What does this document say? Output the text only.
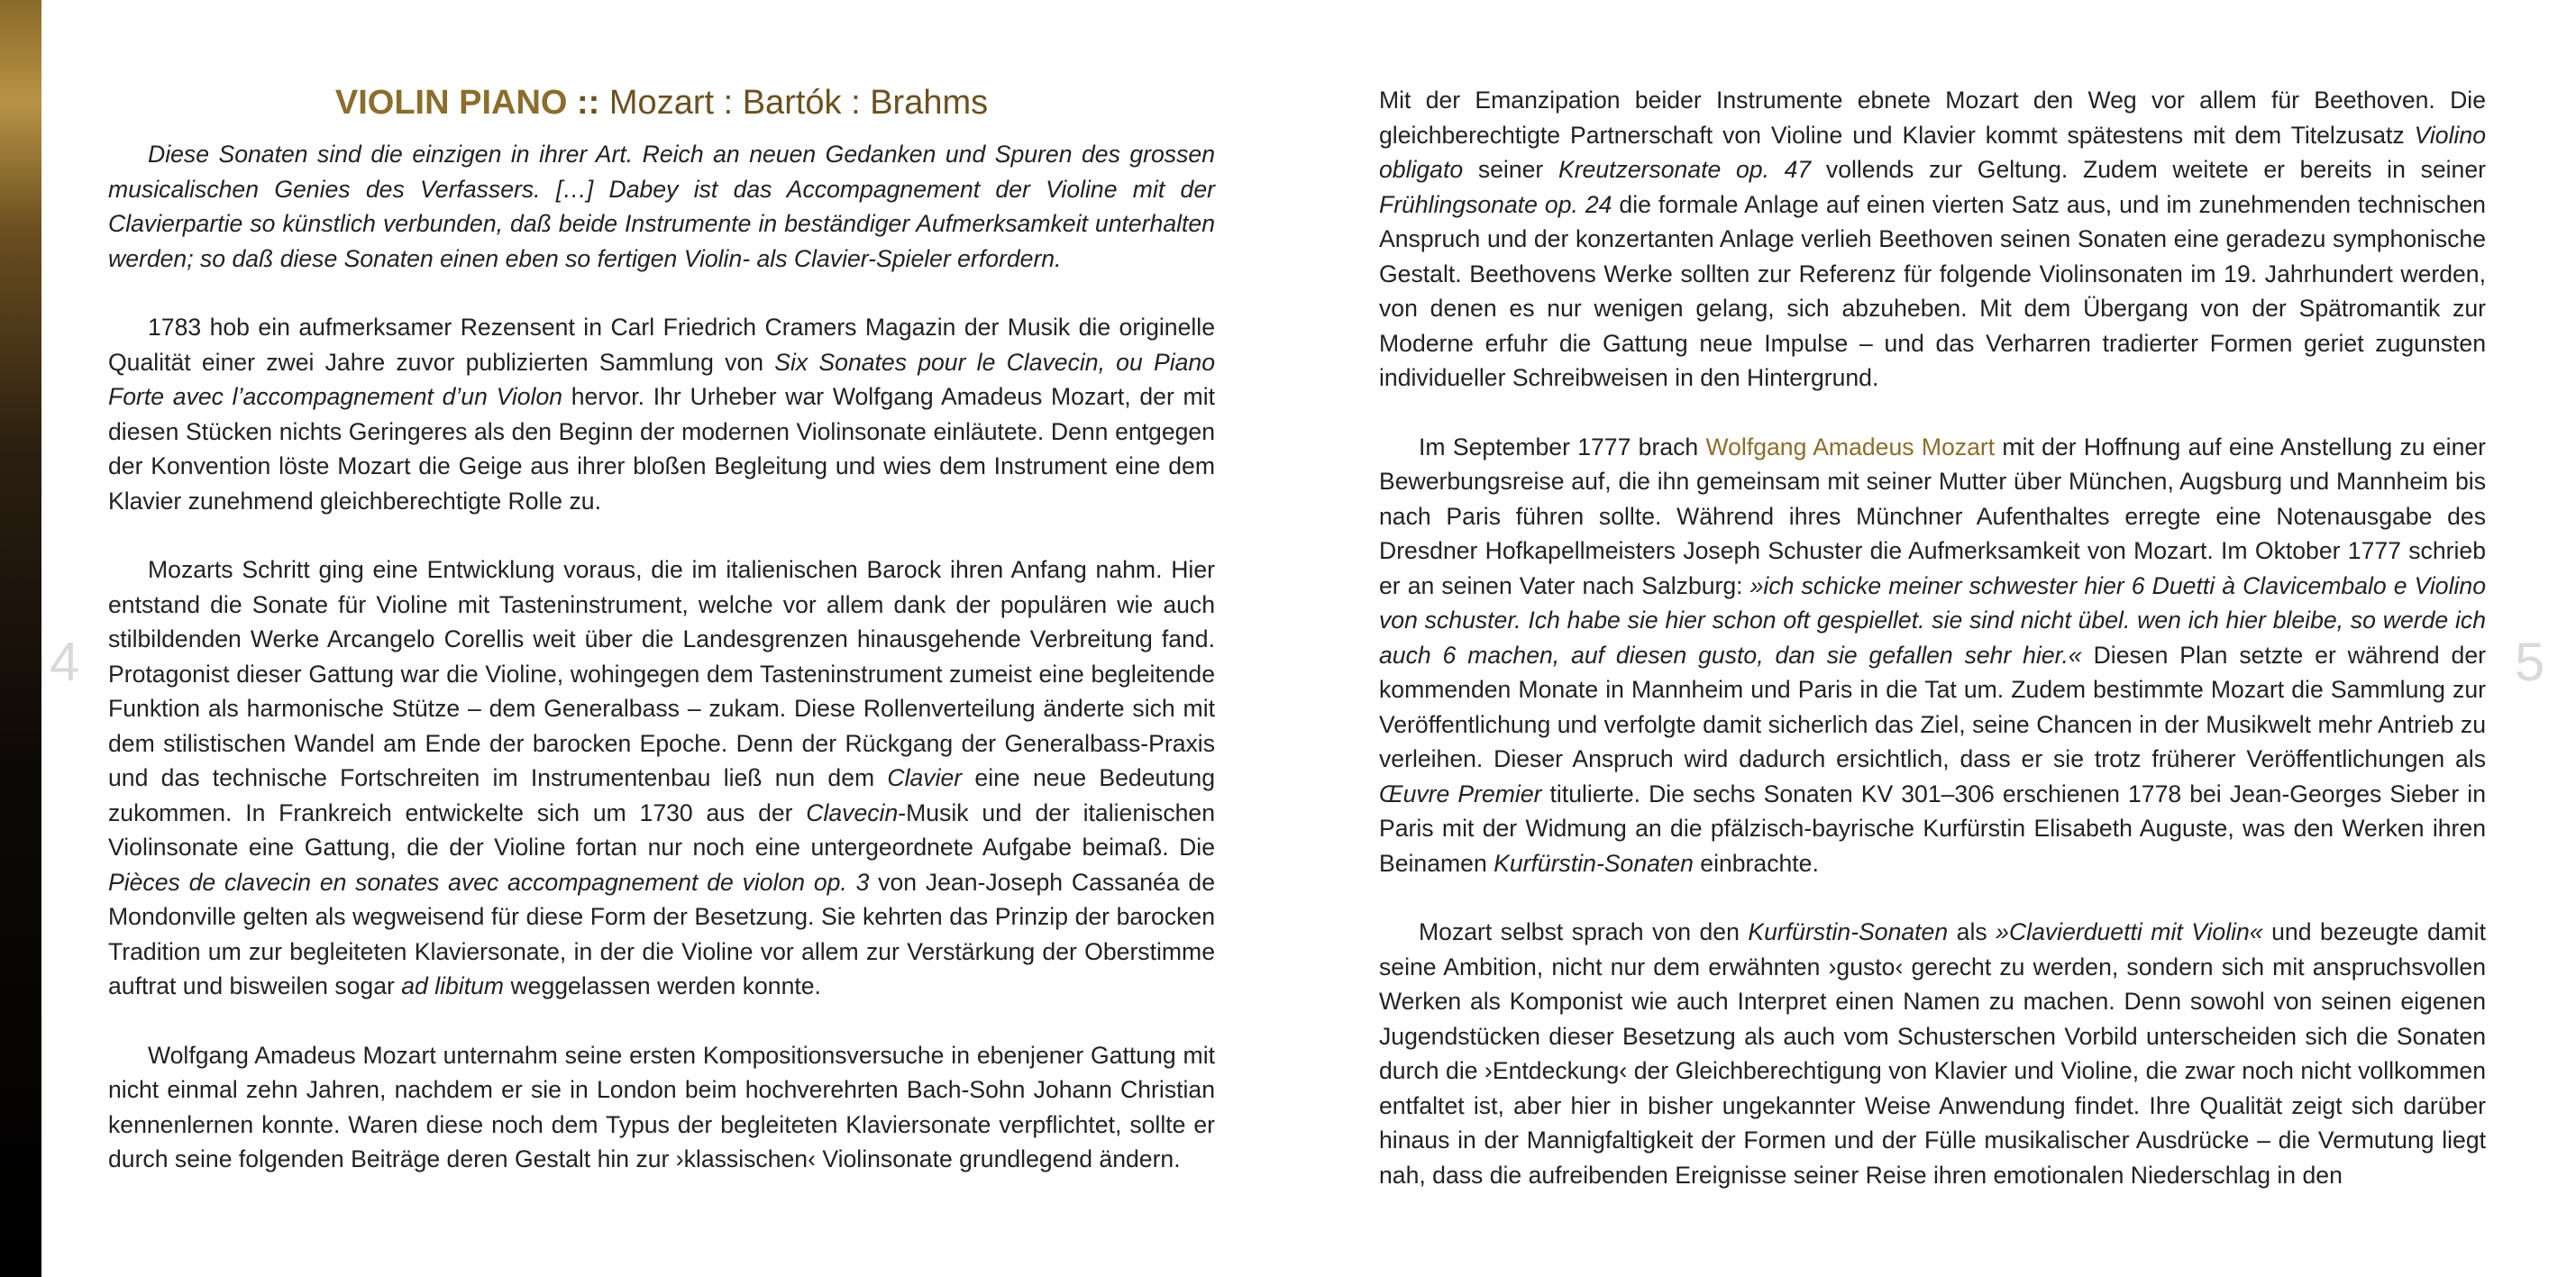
4	5
VIOLIN PIANO :: Mozart : Bartók : Brahms

Diese Sonaten sind die einzigen in ihrer Art. Reich an neuen Gedanken und Spuren des grossen musicalischen Genies des Verfassers. […] Dabey ist das Accompagnement der Violine mit der Clavierpartie so künstlich verbunden, daß beide Instrumente in beständiger Aufmerksamkeit unterhalten werden; so daß diese Sonaten einen eben so fertigen Violin- als Clavier-Spieler erfordern.

1783 hob ein aufmerksamer Rezensent in Carl Friedrich Cramers Magazin der Musik die originelle Qualität einer zwei Jahre zuvor publizierten Sammlung von Six Sonates pour le Clavecin, ou Piano Forte avec l’accompagnement d’un Violon hervor. Ihr Urheber war Wolfgang Amadeus Mozart, der mit diesen Stücken nichts Geringeres als den Beginn der modernen Violinsonate einläutete. Denn entgegen der Konvention löste Mozart die Geige aus ihrer bloßen Begleitung und wies dem Instrument eine dem Klavier zunehmend gleichberechtigte Rolle zu.

Mozarts Schritt ging eine Entwicklung voraus, die im italienischen Barock ihren Anfang nahm. Hier entstand die Sonate für Violine mit Tasteninstrument, welche vor allem dank der populären wie auch stilbildenden Werke Arcangelo Corellis weit über die Landesgrenzen hinausgehende Verbreitung fand. Protagonist dieser Gattung war die Violine, wohingegen dem Tasteninstrument zumeist eine begleitende Funktion als harmonische Stütze – dem Generalbass – zukam. Diese Rollenverteilung änderte sich mit dem stilistischen Wandel am Ende der barocken Epoche. Denn der Rückgang der Generalbass-Praxis und das technische Fortschreiten im Instrumentenbau ließ nun dem Clavier eine neue Bedeutung zukommen. In Frankreich entwickelte sich um 1730 aus der Clavecin-Musik und der italienischen Violinsonate eine Gattung, die der Violine fortan nur noch eine untergeordnete Aufgabe beimaß. Die Pièces de clavecin en sonates avec accompagnement de violon op. 3 von Jean-Joseph Cassanéa de Mondonville gelten als wegweisend für diese Form der Besetzung. Sie kehrten das Prinzip der barocken Tradition um zur begleiteten Klaviersonate, in der die Violine vor allem zur Verstärkung der Oberstimme auftrat und bisweilen sogar ad libitum weggelassen werden konnte.

Wolfgang Amadeus Mozart unternahm seine ersten Kompositionsversuche in ebenjener Gattung mit nicht einmal zehn Jahren, nachdem er sie in London beim hochverehrten Bach-Sohn Johann Christian kennenlernen konnte. Waren diese noch dem Typus der begleiteten Klaviersonate verpflichtet, sollte er durch seine folgenden Beiträge deren Gestalt hin zur ›klassischen‹ Violinsonate grundlegend ändern.

Mit der Emanzipation beider Instrumente ebnete Mozart den Weg vor allem für Beethoven. Die gleichberechtigte Partnerschaft von Violine und Klavier kommt spätestens mit dem Titelzusatz Violino obligato seiner Kreutzersonate op. 47 vollends zur Geltung. Zudem weitete er bereits in seiner Frühlingsonate op. 24 die formale Anlage auf einen vierten Satz aus, und im zunehmenden technischen Anspruch und der konzertanten Anlage verlieh Beethoven seinen Sonaten eine geradezu symphonische Gestalt. Beethovens Werke sollten zur Referenz für folgende Violinsonaten im 19. Jahrhundert werden, von denen es nur wenigen gelang, sich abzuheben. Mit dem Übergang von der Spätromantik zur Moderne erfuhr die Gattung neue Impulse – und das Verharren tradierter Formen geriet zugunsten individueller Schreibweisen in den Hintergrund.

Im September 1777 brach Wolfgang Amadeus Mozart mit der Hoffnung auf eine Anstellung zu einer Bewerbungsreise auf, die ihn gemeinsam mit seiner Mutter über München, Augsburg und Mannheim bis nach Paris führen sollte. Während ihres Münchner Aufenthaltes erregte eine Notenausgabe des Dresdner Hofkapellmeisters Joseph Schuster die Aufmerksamkeit von Mozart. Im Oktober 1777 schrieb er an seinen Vater nach Salzburg: »ich schicke meiner schwester hier 6 Duetti à Clavicembalo e Violino von schuster. Ich habe sie hier schon oft gespiellet. sie sind nicht übel. wen ich hier bleibe, so werde ich auch 6 machen, auf diesen gusto, dan sie gefallen sehr hier.« Diesen Plan setzte er während der kommenden Monate in Mannheim und Paris in die Tat um. Zudem bestimmte Mozart die Sammlung zur Veröffentlichung und verfolgte damit sicherlich das Ziel, seine Chancen in der Musikwelt mehr Antrieb zu verleihen. Dieser Anspruch wird dadurch ersichtlich, dass er sie trotz früherer Veröffentlichungen als Œuvre Premier titulierte. Die sechs Sonaten KV 301–306 erschienen 1778 bei Jean-Georges Sieber in Paris mit der Widmung an die pfälzisch-bayrische Kurfürstin Elisabeth Auguste, was den Werken ihren Beinamen Kurfürstin-Sonaten einbrachte.

Mozart selbst sprach von den Kurfürstin-Sonaten als »Clavierduetti mit Violin« und bezeugte damit seine Ambition, nicht nur dem erwähnten ›gusto‹ gerecht zu werden, sondern sich mit anspruchsvollen Werken als Komponist wie auch Interpret einen Namen zu machen. Denn sowohl von seinen eigenen Jugendstücken dieser Besetzung als auch vom Schusterschen Vorbild unterscheiden sich die Sonaten durch die ›Entdeckung‹ der Gleichberechtigung von Klavier und Violine, die zwar noch nicht vollkommen entfaltet ist, aber hier in bisher ungekannter Weise Anwendung findet. Ihre Qualität zeigt sich darüber hinaus in der Mannigfaltigkeit der Formen und der Fülle musikalischer Ausdrücke – die Vermutung liegt nah, dass die aufreibenden Ereignisse seiner Reise ihren emotionalen Niederschlag in den
